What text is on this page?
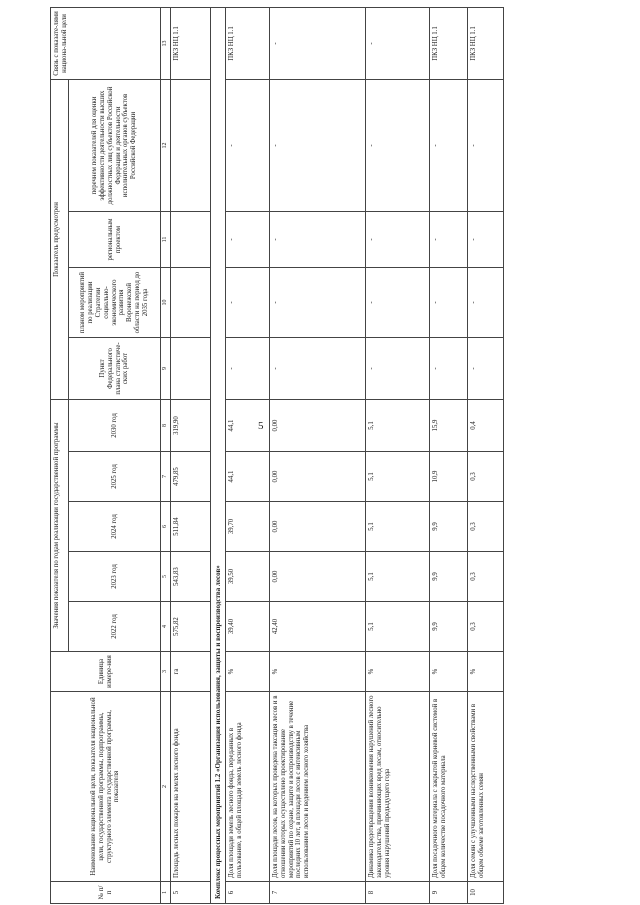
5
№ п/п	Наименование национальной цели, показателя национальной цели, государственной программы, подпрограммы, структурного элемента государственной программы, показателя	Единица измере-ния	Значения показателя по годам реализации государственной программы					Показатель предусмотрен				Связь с показате-лями национа-льной цели
			2022 год	2023 год	2024 год	2025 год	2030 год	Пункт Федерального плана статистиче-ских работ	планом мероприятий по реализации Стратегии социально-экономического развития Воронежской области на период до 2035 года	региональным проектом	перечнем показателей для оценки эффективности деятельности высших должностных лиц субъектов Российской Федерации и деятельности исполнительных органов субъектов Российской Федерации	

1	2	3	4	5	6	7	8	9	10	11	12	13
5	Площадь лесных пожаров на землях лесного фонда	га	575,82	543,83	511,84	479,85	319,90					ПКЗ НЦ 1.1
Комплекс процессных мероприятий 1.2 «Организация использования, защиты и воспроизводства лесов»												
6	Доля площади земель лесного фонда, переданных в пользование, в общей площади земель лесного фонда	%	39,40	39,50	39,70	44,1	44,1	-	-	-	-	ПКЗ НЦ 1.1
7	Доля площади лесов, на которых проведена таксация лесов и в отношении которых осуществлено проектирование мероприятий по охране, защите и воспроизводству в течение последних 10 лет, в площади лесов с интенсивным использованием лесов и ведением лесного хозяйства	%	42,40	0,00	0,00	0,00	0,00	-	-	-	-	-
8	Динамика предотвращения возникновения нарушений лесного законодательства, причиняющих вред лесам, относительно уровня нарушений предыдущего года	%	5,1	5,1	5,1	5,1	5,1	-	-	-	-	-
9	Доля посадочного материала с закрытой корневой системой в общем количестве посадочного материала	%	9,9	9,9	9,9	10,9	15,9	-	-	-	-	ПКЗ НЦ 1.1
10	Доля семян с улучшенными наследственными свойствами в общем объеме заготовленных семян	%	0,3	0,3	0,3	0,3	0,4	-	-	-	-	ПКЗ НЦ 1.1
